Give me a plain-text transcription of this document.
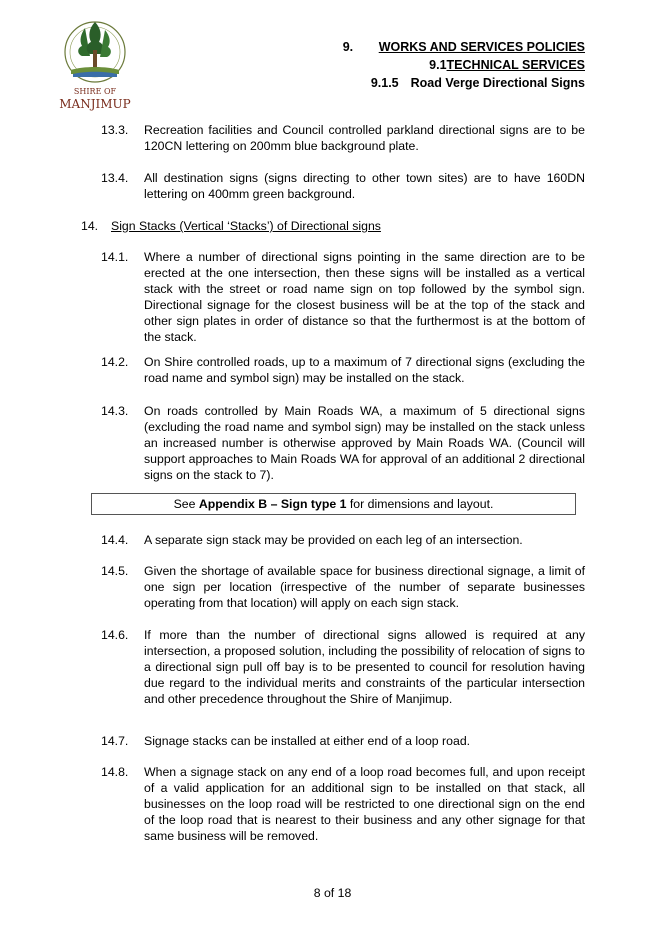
SHIRE OF
MANJIMUP
9. WORKS AND SERVICES POLICIES
9.1TECHNICAL SERVICES
9.1.5 Road Verge Directional Signs
13.3. Recreation facilities and Council controlled parkland directional signs are to be 120CN lettering on 200mm blue background plate.
13.4. All destination signs (signs directing to other town sites) are to have 160DN lettering on 400mm green background.
14. Sign Stacks (Vertical ‘Stacks’) of Directional signs
14.1. Where a number of directional signs pointing in the same direction are to be erected at the one intersection, then these signs will be installed as a vertical stack with the street or road name sign on top followed by the symbol sign. Directional signage for the closest business will be at the top of the stack and other sign plates in order of distance so that the furthermost is at the bottom of the stack.
14.2. On Shire controlled roads, up to a maximum of 7 directional signs (excluding the road name and symbol sign) may be installed on the stack.
14.3. On roads controlled by Main Roads WA, a maximum of 5 directional signs (excluding the road name and symbol sign) may be installed on the stack unless an increased number is otherwise approved by Main Roads WA. (Council will support approaches to Main Roads WA for approval of an additional 2 directional signs on the stack to 7).
See Appendix B – Sign type 1 for dimensions and layout.
14.4. A separate sign stack may be provided on each leg of an intersection.
14.5. Given the shortage of available space for business directional signage, a limit of one sign per location (irrespective of the number of separate businesses operating from that location) will apply on each sign stack.
14.6. If more than the number of directional signs allowed is required at any intersection, a proposed solution, including the possibility of relocation of signs to a directional sign pull off bay is to be presented to council for resolution having due regard to the individual merits and constraints of the particular intersection and other precedence throughout the Shire of Manjimup.
14.7. Signage stacks can be installed at either end of a loop road.
14.8. When a signage stack on any end of a loop road becomes full, and upon receipt of a valid application for an additional sign to be installed on that stack, all businesses on the loop road will be restricted to one directional sign on the end of the loop road that is nearest to their business and any other signage for that same business will be removed.
8 of 18
